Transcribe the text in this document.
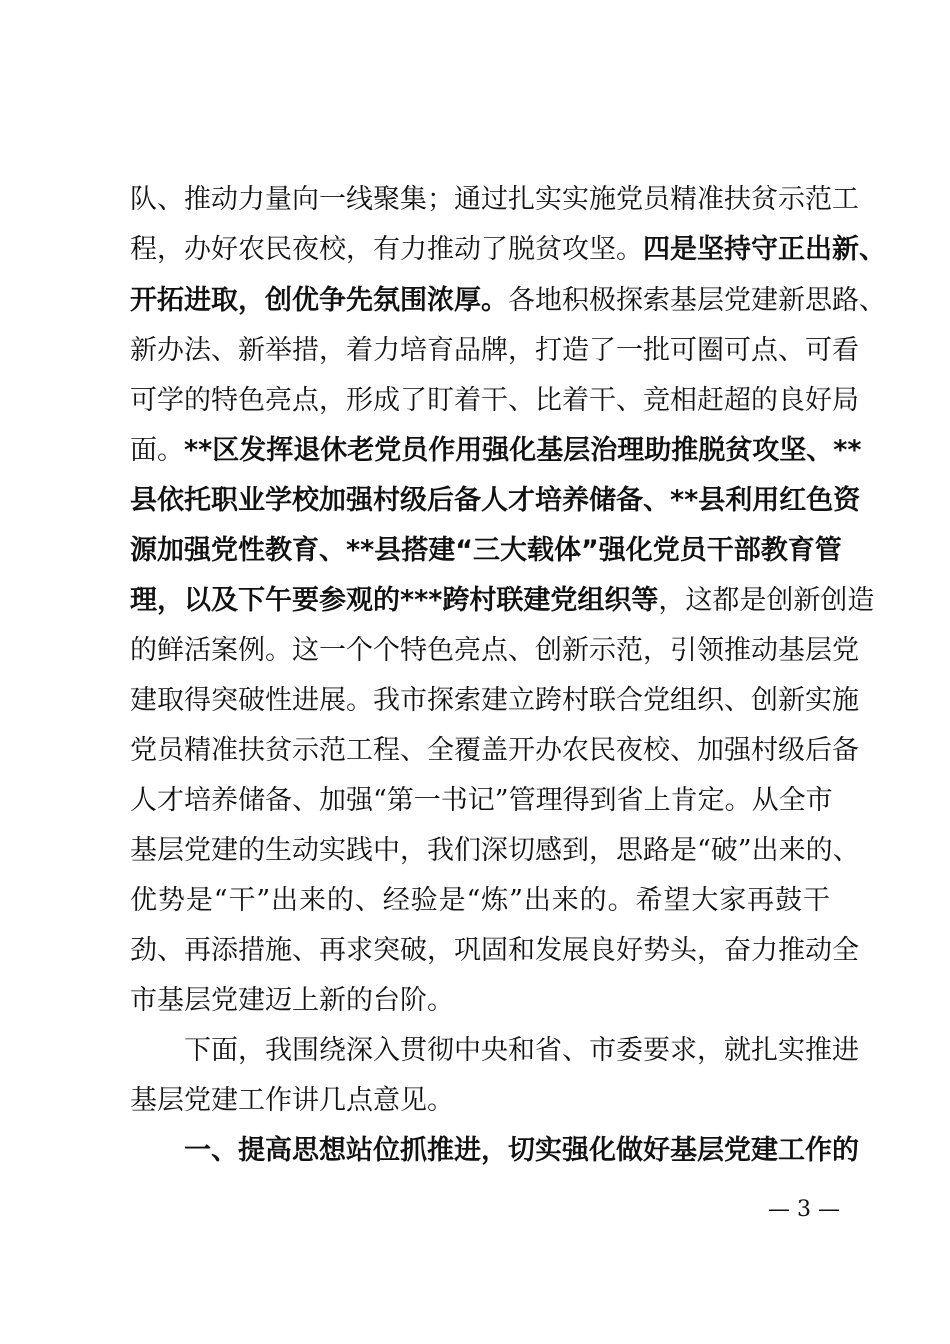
队、推动力量向一线聚集；通过扎实实施党员精准扶贫示范工
程，办好农民夜校，有力推动了脱贫攻坚。四是坚持守正出新、
开拓进取，创优争先氛围浓厚。各地积极探索基层党建新思路、
新办法、新举措，着力培育品牌，打造了一批可圈可点、可看
可学的特色亮点，形成了盯着干、比着干、竞相赶超的良好局
面。**区发挥退休老党员作用强化基层治理助推脱贫攻坚、**
县依托职业学校加强村级后备人才培养储备、**县利用红色资
源加强党性教育、**县搭建“三大载体”强化党员干部教育管
理，以及下午要参观的***跨村联建党组织等，这都是创新创造
的鲜活案例。这一个个特色亮点、创新示范，引领推动基层党
建取得突破性进展。我市探索建立跨村联合党组织、创新实施
党员精准扶贫示范工程、全覆盖开办农民夜校、加强村级后备
人才培养储备、加强“第一书记”管理得到省上肯定。从全市
基层党建的生动实践中，我们深切感到，思路是“破”出来的、
优势是“干”出来的、经验是“炼”出来的。希望大家再鼓干
劲、再添措施、再求突破，巩固和发展良好势头，奋力推动全
市基层党建迈上新的台阶。
下面，我围绕深入贯彻中央和省、市委要求，就扎实推进
基层党建工作讲几点意见。
一、提高思想站位抓推进，切实强化做好基层党建工作的
— 3 —
